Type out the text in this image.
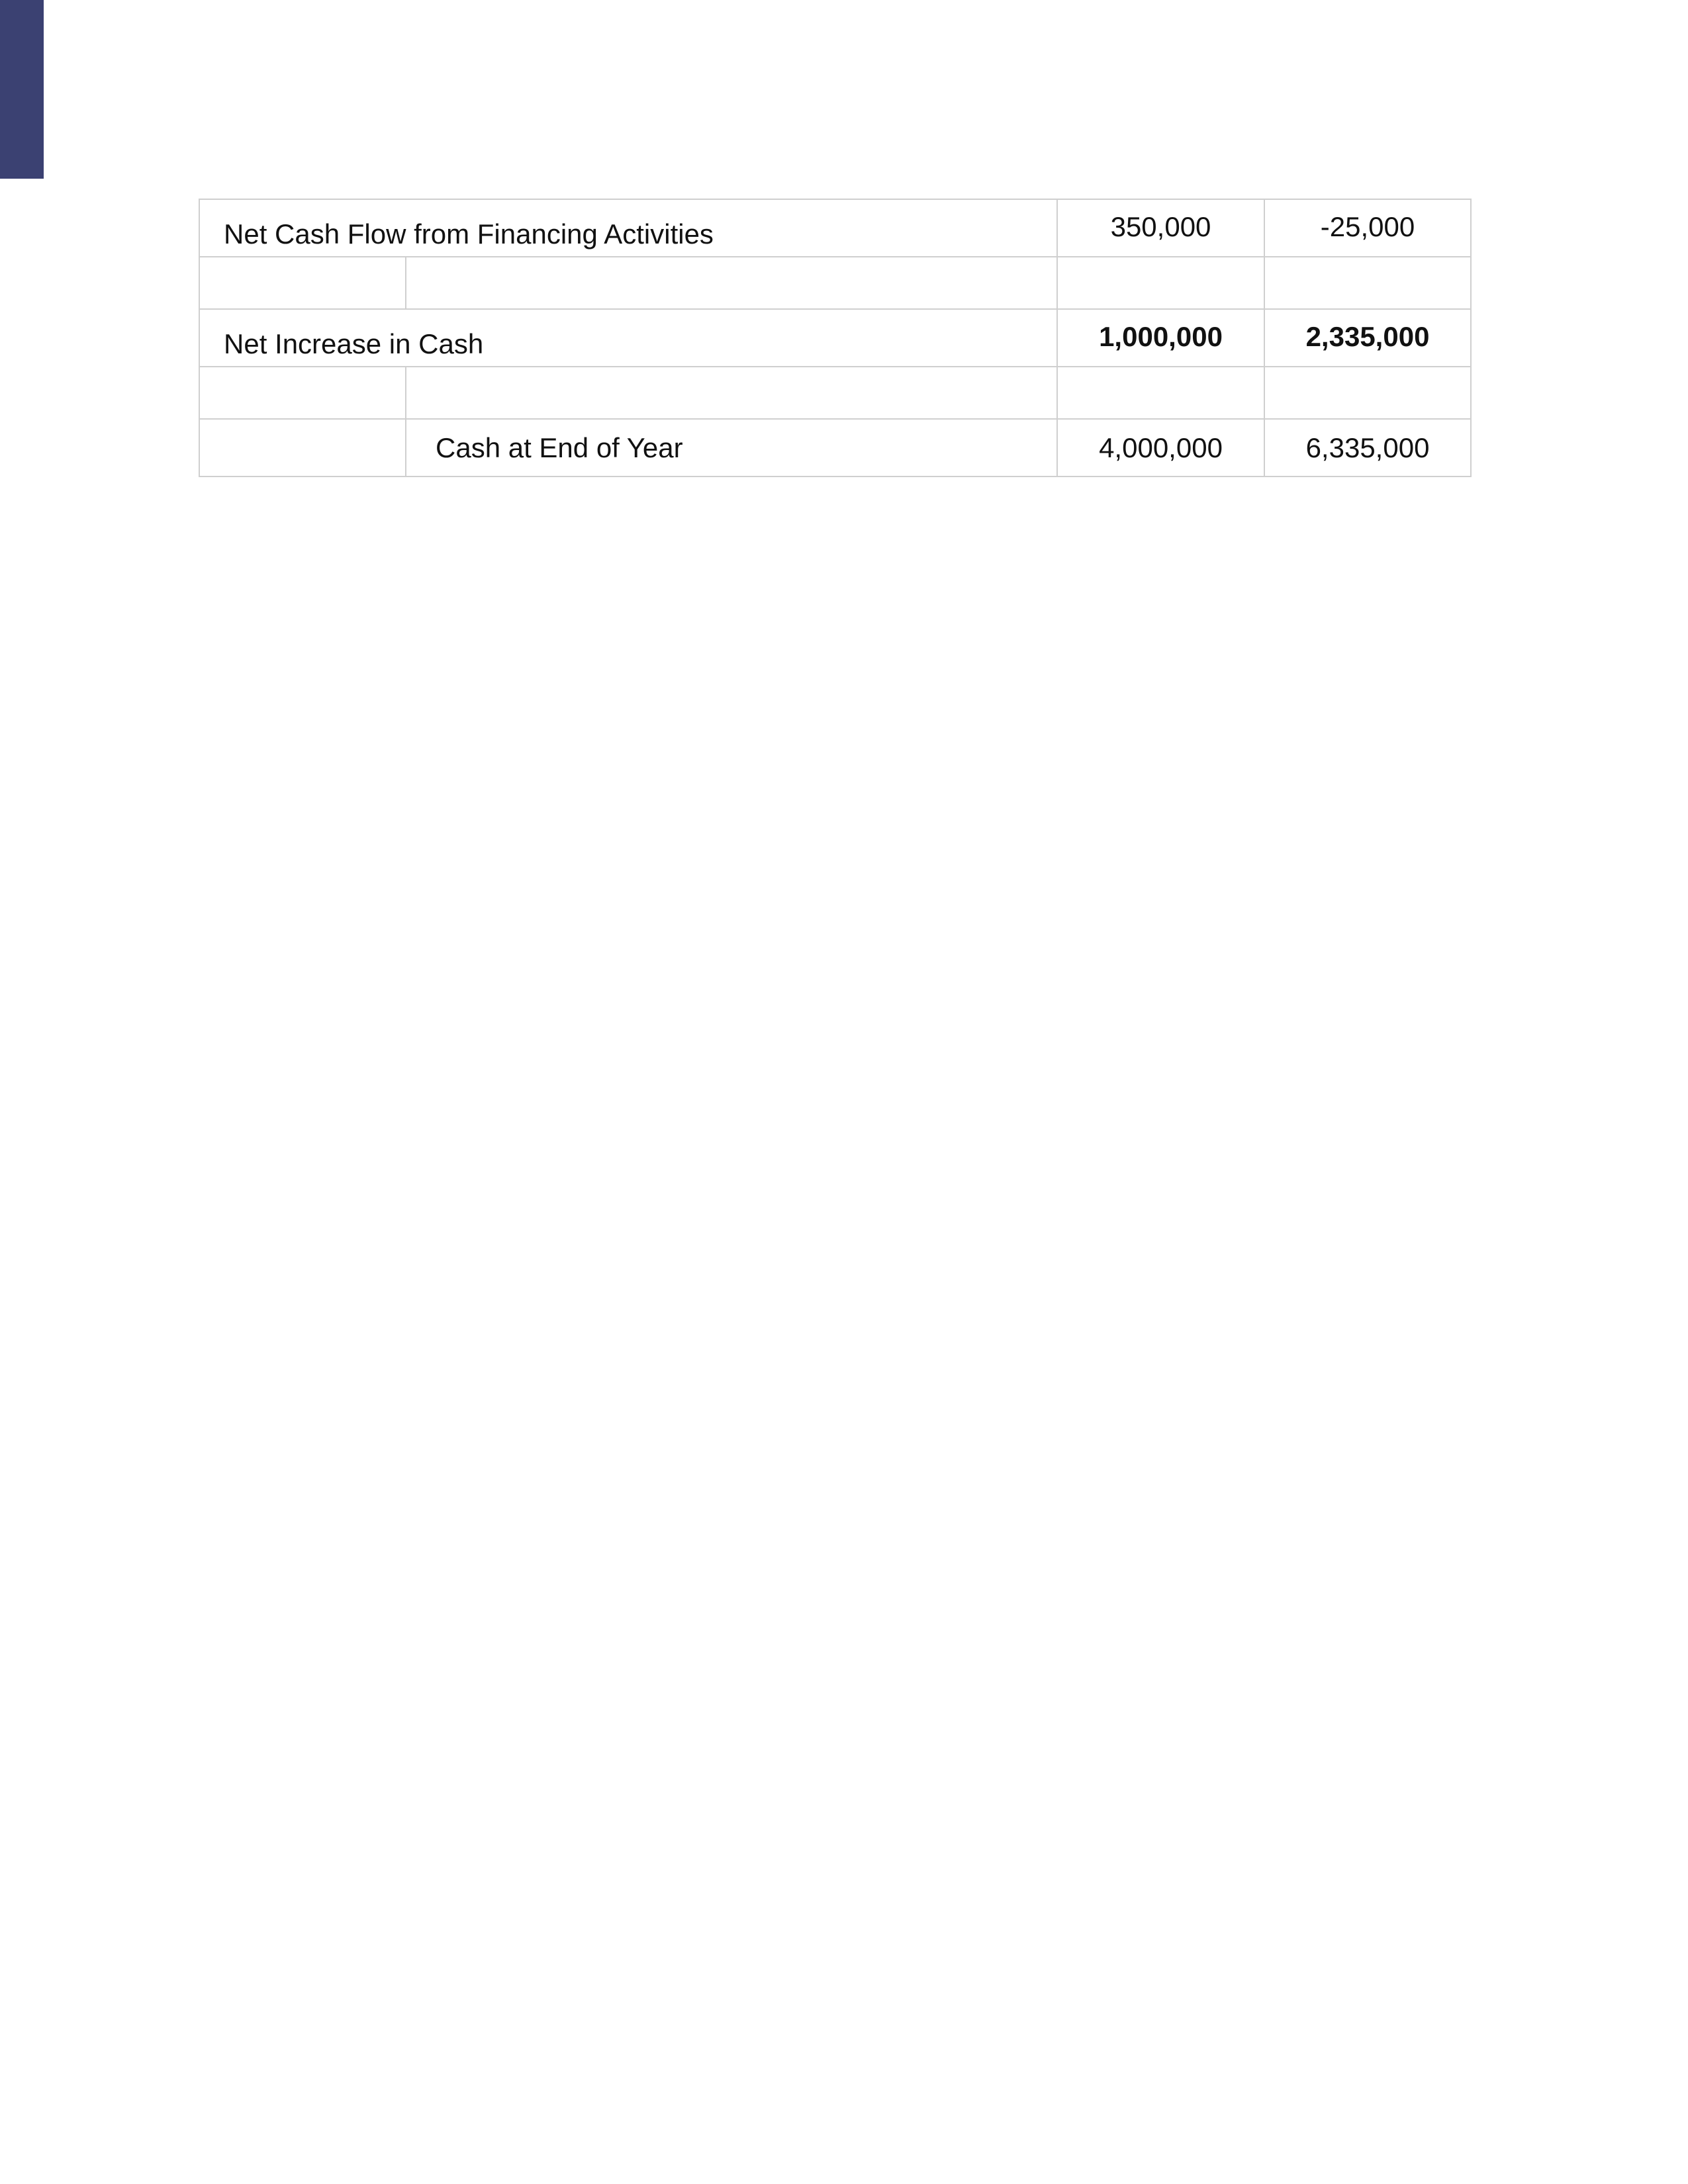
Net Cash Flow from Financing Activities		350,000	-25,000

Net Increase in Cash		1,000,000	2,335,000

	Cash at End of Year	4,000,000	6,335,000
